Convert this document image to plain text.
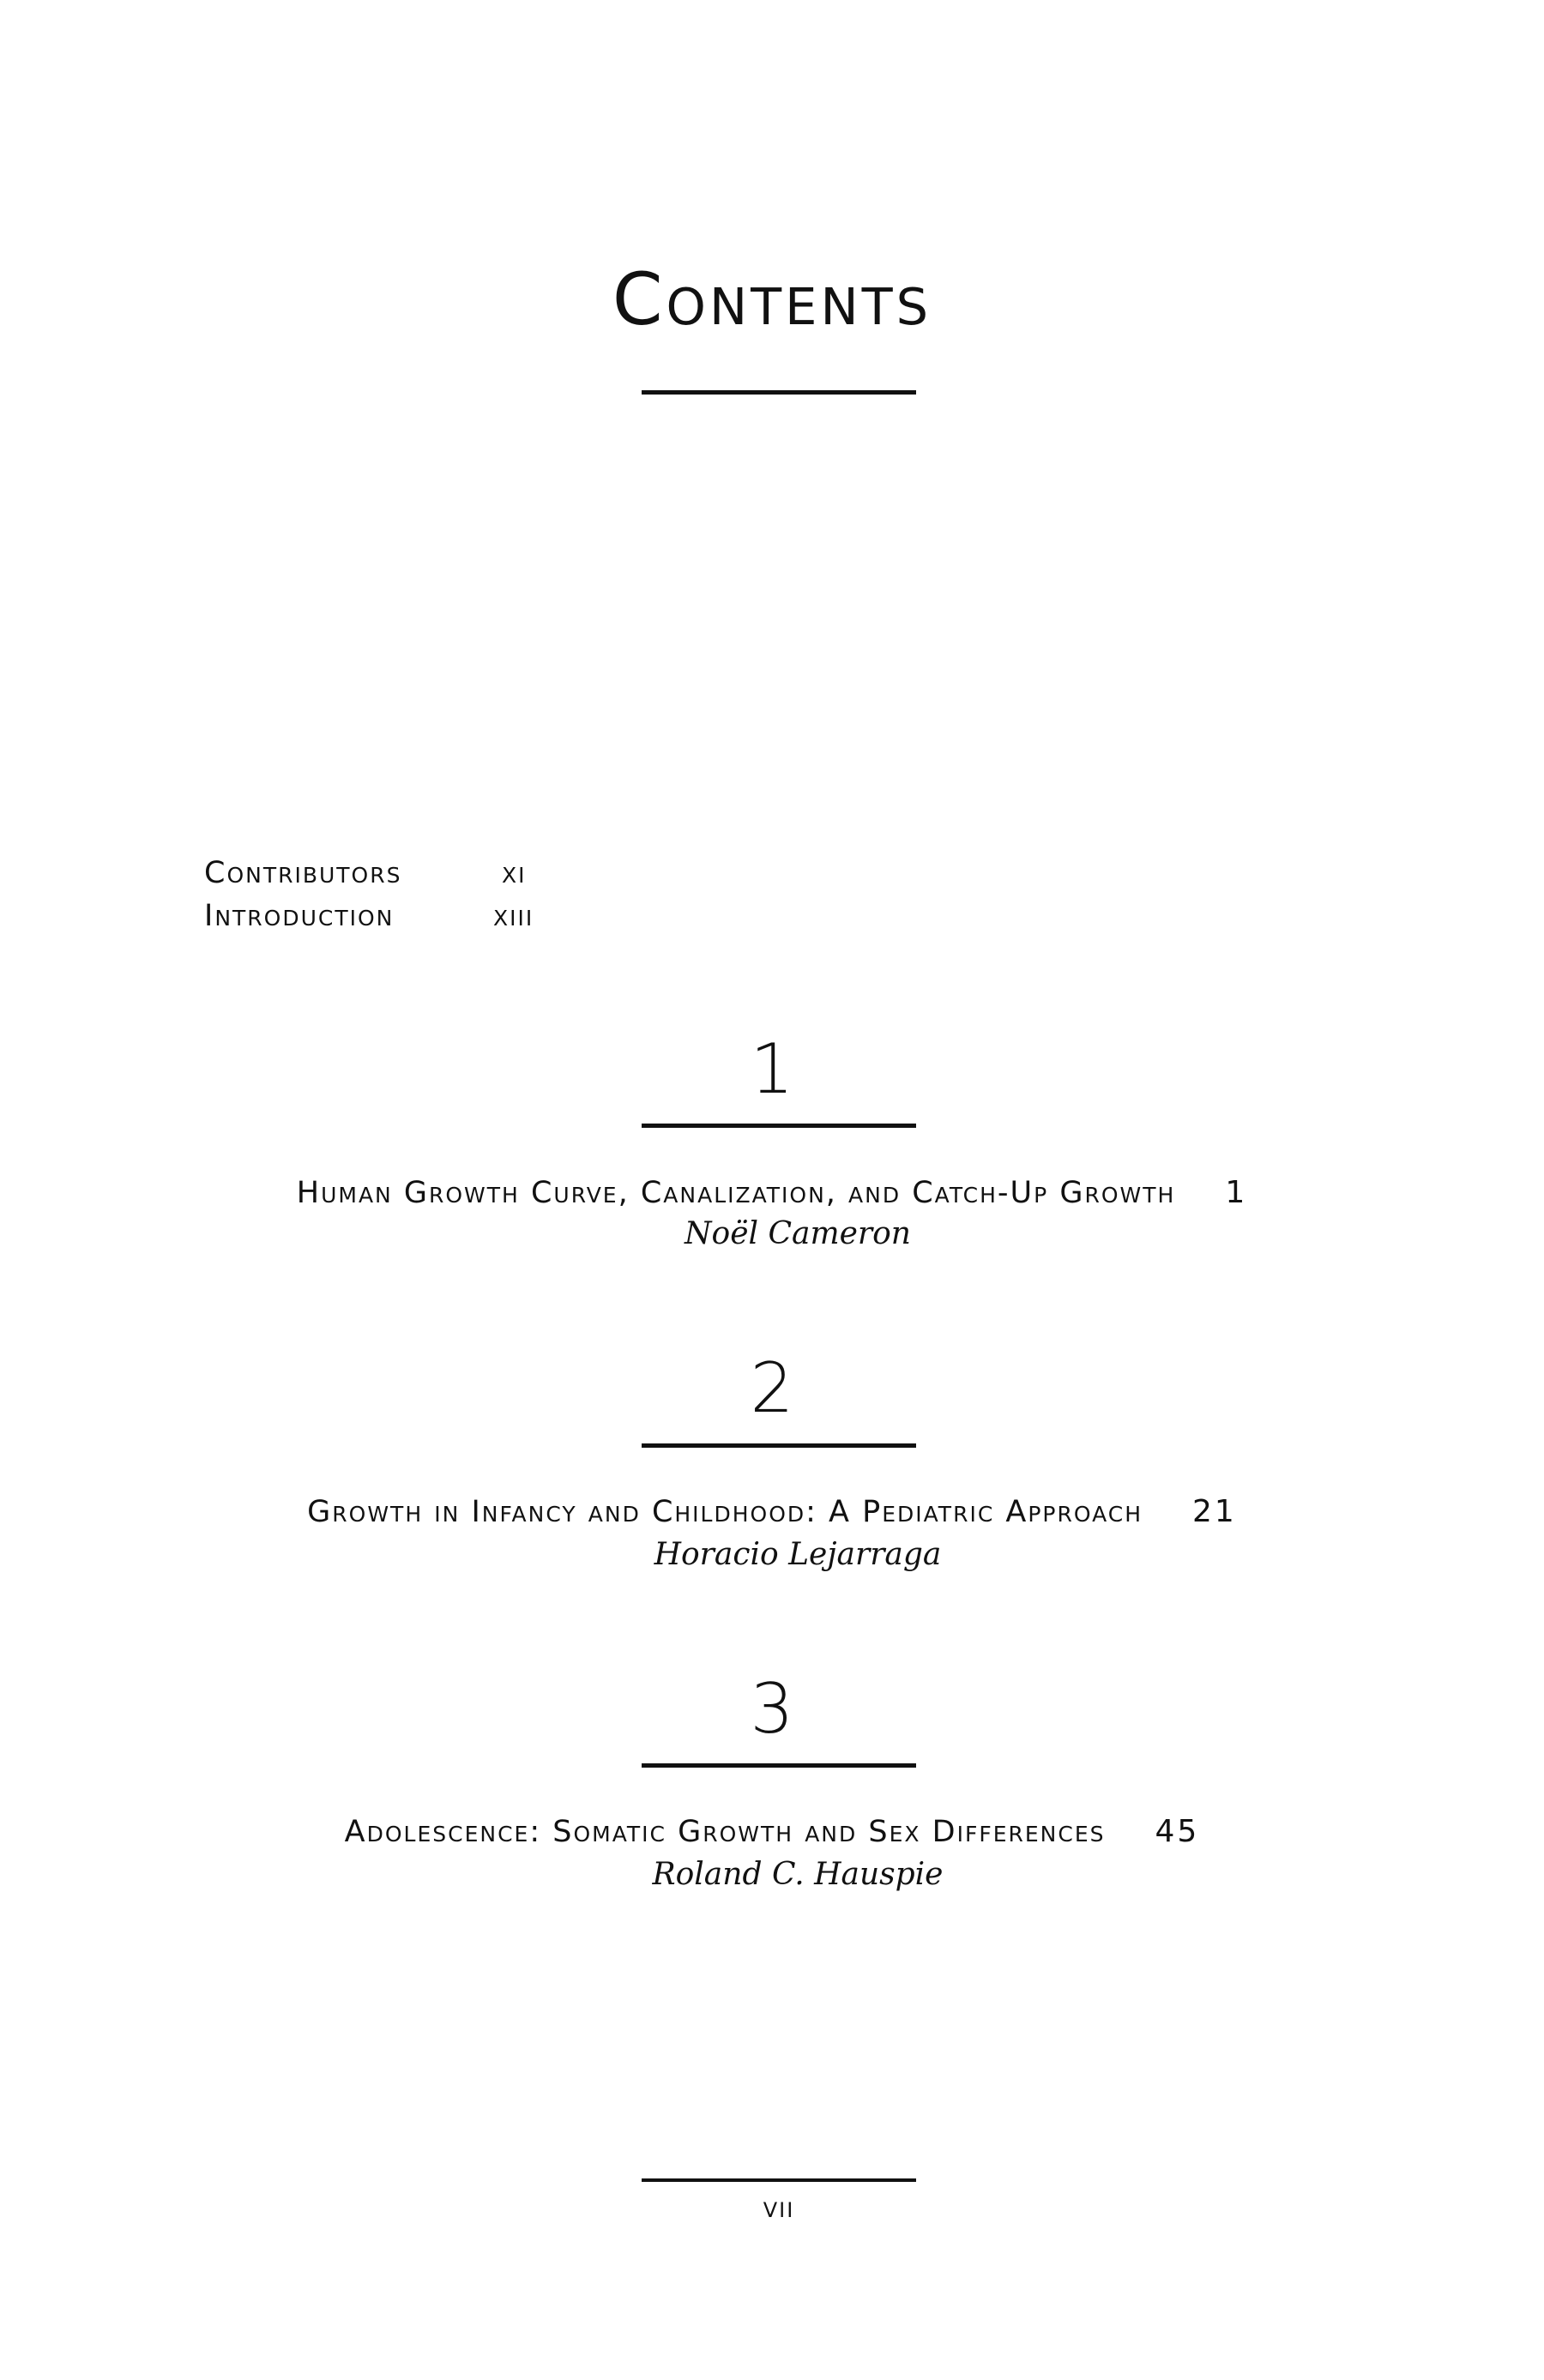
Contents
Contributors	xi
Introduction	xiii
1
Human Growth Curve, Canalization, and Catch-Up Growth 1
Noël Cameron
2
Growth in Infancy and Childhood: A Pediatric Approach 21
Horacio Lejarraga
3
Adolescence: Somatic Growth and Sex Differences 45
Roland C. Hauspie
vii
